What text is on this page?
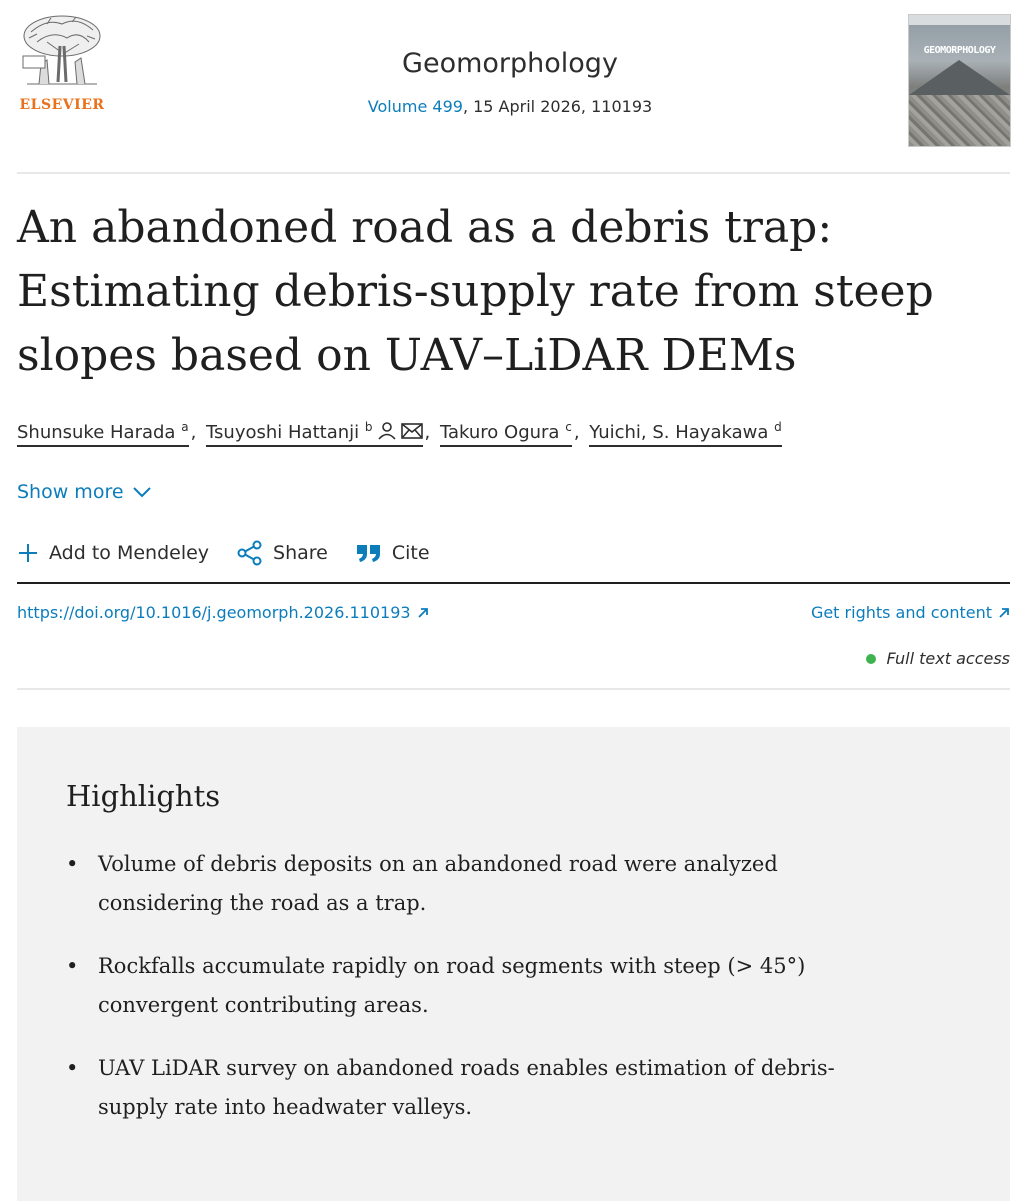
ELSEVIER
Geomorphology
Volume 499, 15 April 2026, 110193
GEOMORPHOLOGY
An abandoned road as a debris trap: Estimating debris-supply rate from steep slopes based on UAV–LiDAR DEMs
Shunsuke Harada $^a$ , Tsuyoshi Hattanji $^b$	, Takuro Ogura $^c$ , Yuichi, S. Hayakawa $^d$
Show more
Add to Mendeley	Share	Cite
https://doi.org/10.1016/j.geomorph.2026.110193	Get rights and content
Full text access
Highlights
• Volume of debris deposits on an abandoned road were analyzed considering the road as a trap.
• Rockfalls accumulate rapidly on road segments with steep (> 45°) convergent contributing areas.
• UAV LiDAR survey on abandoned roads enables estimation of debris-supply rate into headwater valleys.
